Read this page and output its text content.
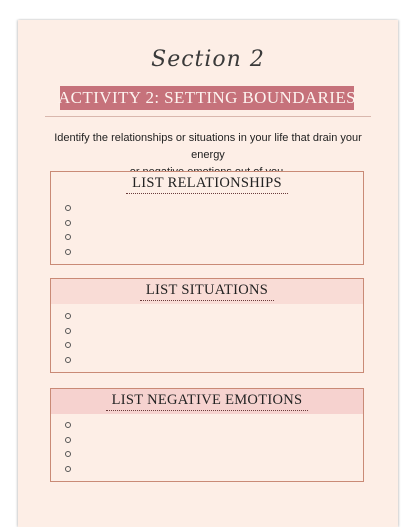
Section 2
ACTIVITY 2: SETTING BOUNDARIES
Identify the relationships or situations in your life that drain your energy
LIST RELATIONSHIPS
LIST SITUATIONS
LIST NEGATIVE EMOTIONS
